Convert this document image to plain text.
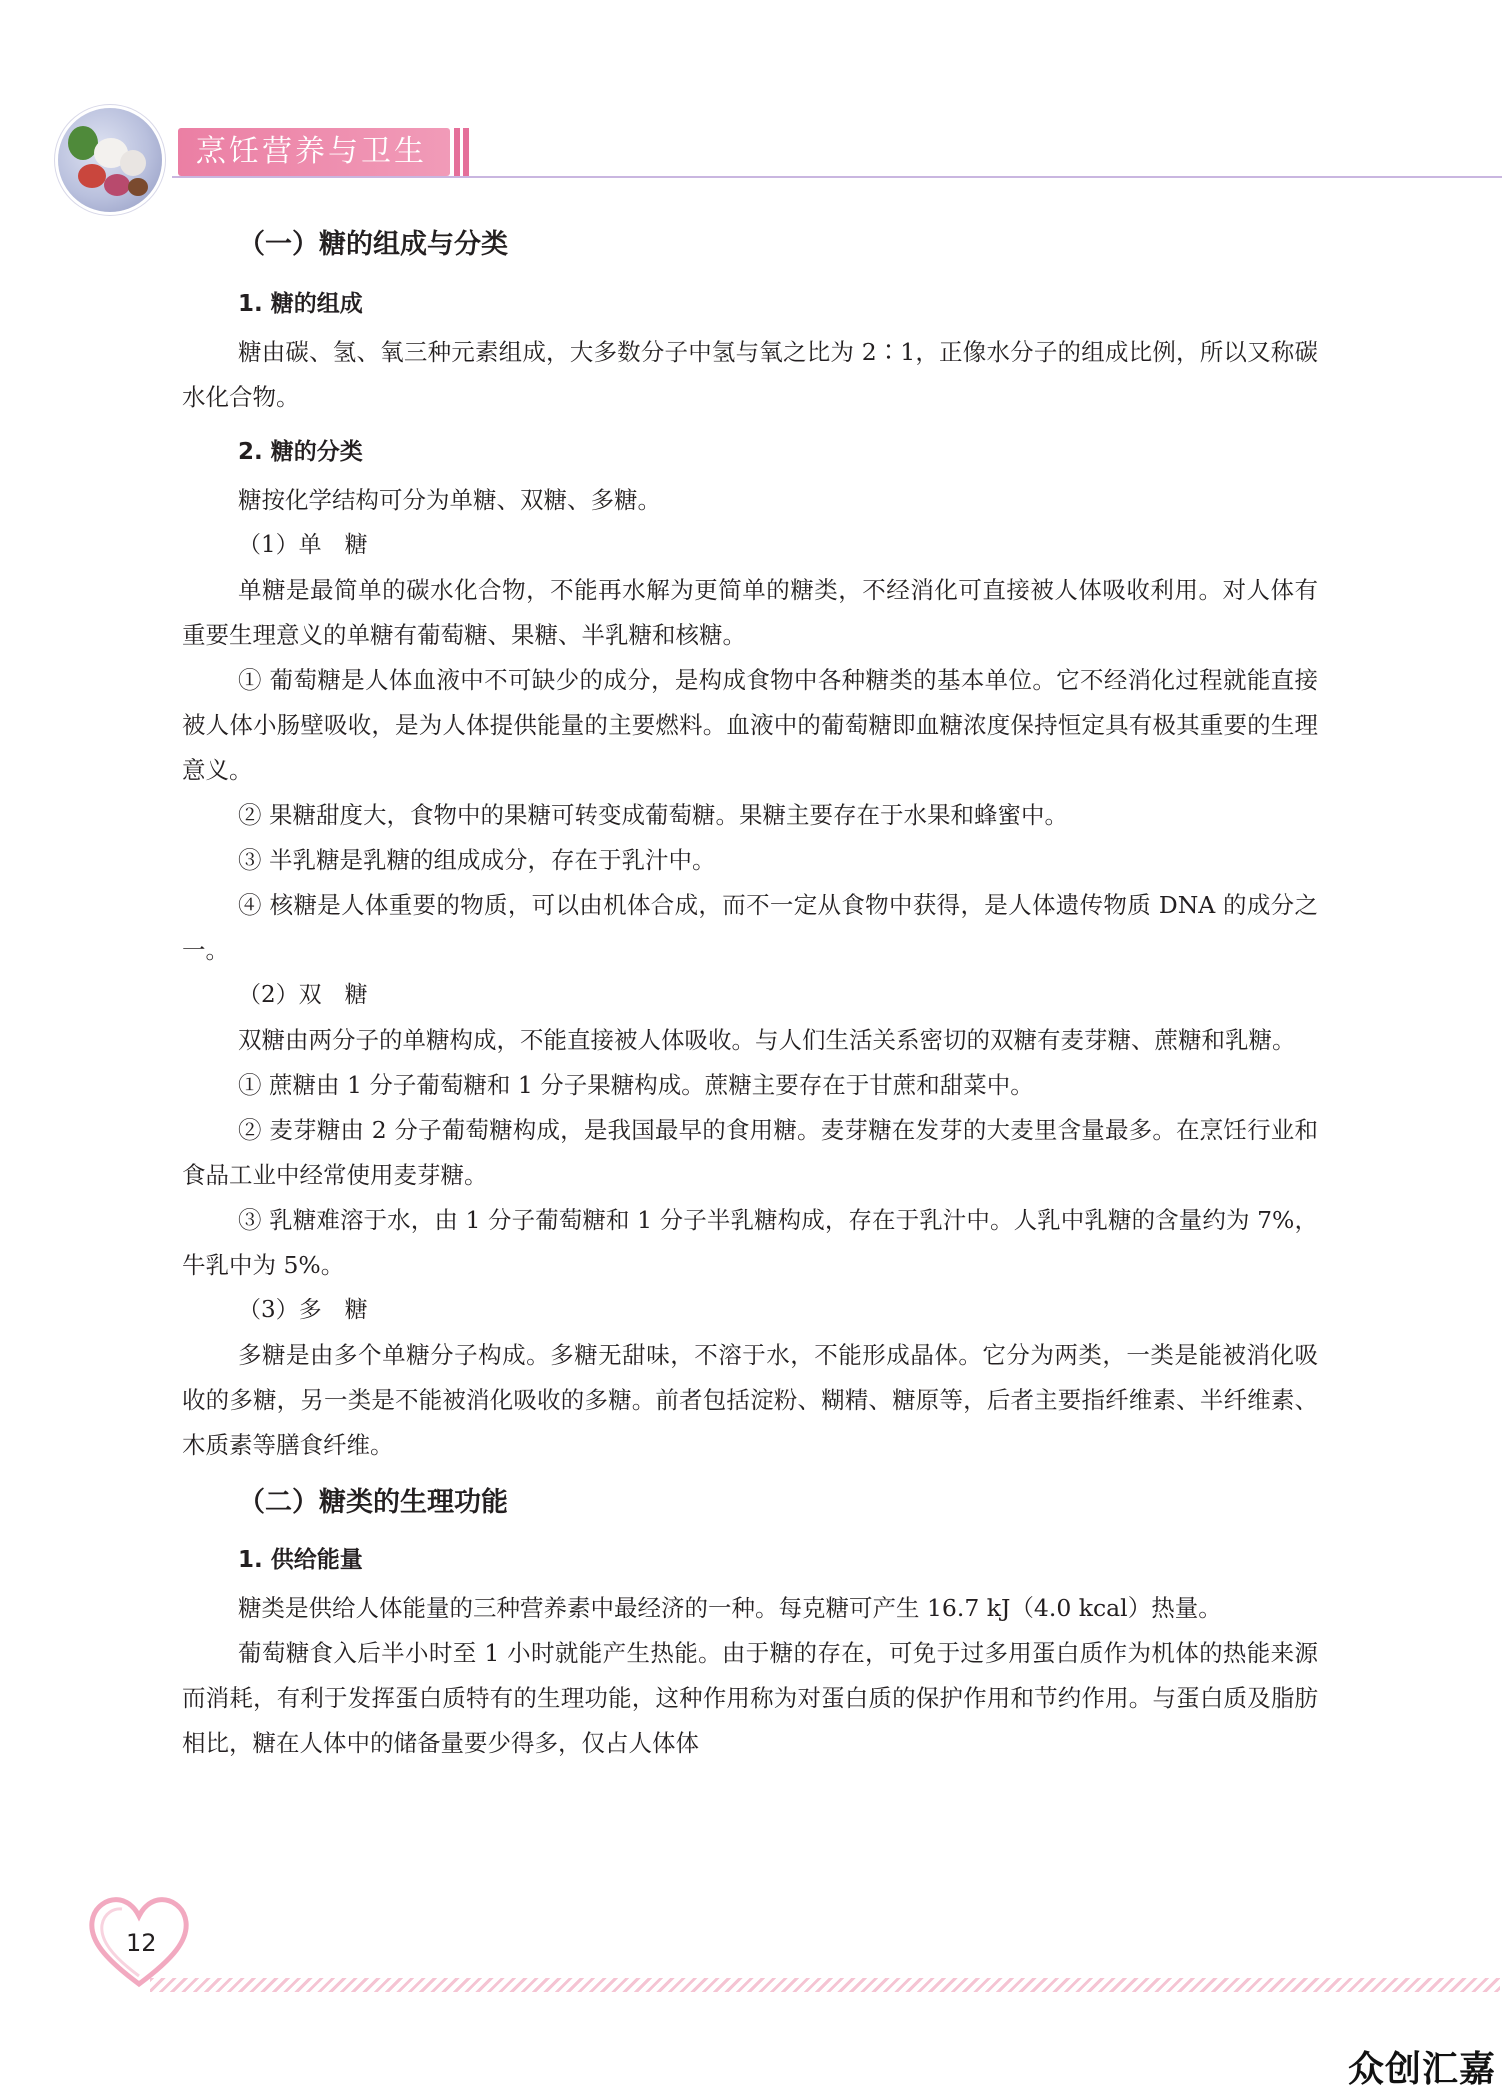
烹饪营养与卫生
（一）糖的组成与分类
1. 糖的组成

糖由碳、氢、氧三种元素组成，大多数分子中氢与氧之比为 2∶1，正像水分子的组成比例，所以又称碳水化合物。

2. 糖的分类

糖按化学结构可分为单糖、双糖、多糖。

（1）单　糖

单糖是最简单的碳水化合物，不能再水解为更简单的糖类，不经消化可直接被人体吸收利用。对人体有重要生理意义的单糖有葡萄糖、果糖、半乳糖和核糖。

① 葡萄糖是人体血液中不可缺少的成分，是构成食物中各种糖类的基本单位。它不经消化过程就能直接被人体小肠壁吸收，是为人体提供能量的主要燃料。血液中的葡萄糖即血糖浓度保持恒定具有极其重要的生理意义。

② 果糖甜度大，食物中的果糖可转变成葡萄糖。果糖主要存在于水果和蜂蜜中。

③ 半乳糖是乳糖的组成成分，存在于乳汁中。

④ 核糖是人体重要的物质，可以由机体合成，而不一定从食物中获得，是人体遗传物质 DNA 的成分之一。

（2）双　糖

双糖由两分子的单糖构成，不能直接被人体吸收。与人们生活关系密切的双糖有麦芽糖、蔗糖和乳糖。

① 蔗糖由 1 分子葡萄糖和 1 分子果糖构成。蔗糖主要存在于甘蔗和甜菜中。

② 麦芽糖由 2 分子葡萄糖构成，是我国最早的食用糖。麦芽糖在发芽的大麦里含量最多。在烹饪行业和食品工业中经常使用麦芽糖。

③ 乳糖难溶于水，由 1 分子葡萄糖和 1 分子半乳糖构成，存在于乳汁中。人乳中乳糖的含量约为 7%，牛乳中为 5%。

（3）多　糖

多糖是由多个单糖分子构成。多糖无甜味，不溶于水，不能形成晶体。它分为两类，一类是能被消化吸收的多糖，另一类是不能被消化吸收的多糖。前者包括淀粉、糊精、糖原等，后者主要指纤维素、半纤维素、木质素等膳食纤维。

（二）糖类的生理功能
1. 供给能量

糖类是供给人体能量的三种营养素中最经济的一种。每克糖可产生 16.7 kJ（4.0 kcal）热量。

葡萄糖食入后半小时至 1 小时就能产生热能。由于糖的存在，可免于过多用蛋白质作为机体的热能来源而消耗，有利于发挥蛋白质特有的生理功能，这种作用称为对蛋白质的保护作用和节约作用。与蛋白质及脂肪相比，糖在人体中的储备量要少得多，仅占人体体

12
众创汇嘉
